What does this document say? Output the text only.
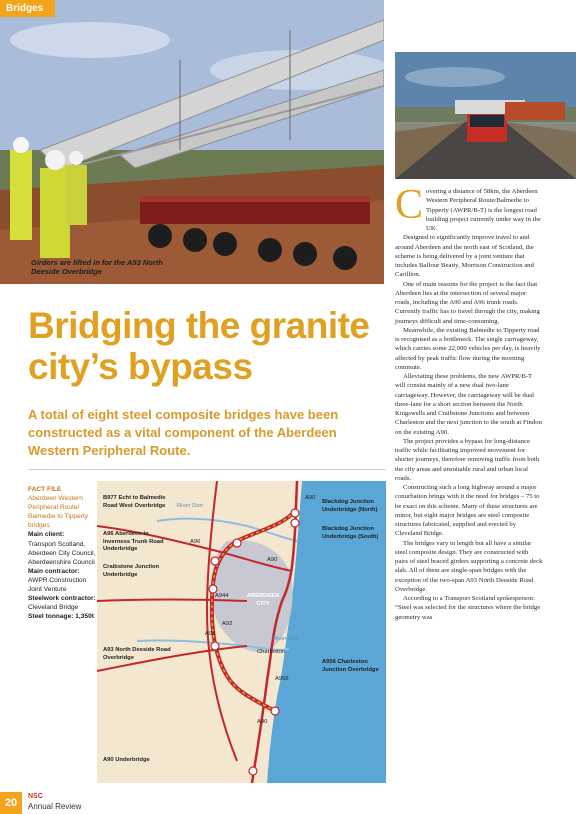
Bridges
Girders are lifted in for the A93 North Deeside Overbridge
Bridging the granite city’s bypass

A total of eight steel composite bridges have been constructed as a vital component of the Aberdeen Western Peripheral Route.

FACT FILE
Aberdeen Western Peripheral Route/ Balmedie to Tipperty bridges
Main client:
Transport Scotland, Aberdeen City Council, Aberdeenshire Council
Main contractor:
AWPR Construction Joint Venture
Steelwork contractor:
Cleveland Bridge
Steel tonnage: 1,350t
B977 Echt to Balmedie Road West Overbridge
A96 Aberdeen to Inverness Trunk Road Underbridge
Craibstone Junction Underbridge
A93 North Deeside Road Overbridge
A90 Underbridge
Blackdog Junction Underbridge (North)
Blackdog Junction Underbridge (South)
A956 Charleston Junction Overbridge
River Don
River Dee
ABERDEEN CITY
Charleston
A90
A90
A96
A944
A93
A92
A956
A90

Covering a distance of 58km, the Aberdeen Western Peripheral Route/Balmedie to Tipperty (AWPR/B-T) is the longest road building project currently under way in the UK.

Designed to significantly improve travel to and around Aberdeen and the north east of Scotland, the scheme is being delivered by a joint venture that includes Balfour Beatty, Morrison Construction and Carillion.

One of main reasons for the project is the fact that Aberdeen lies at the intersection of several major roads, including the A90 and A96 trunk roads. Currently traffic has to travel through the city, making journeys difficult and time-consuming.

Meanwhile, the existing Balmedie to Tipperty road is recognised as a bottleneck. The single carriageway, which carries some 22,000 vehicles per day, is heavily affected by peak traffic flow during the morning commute.

Alleviating these problems, the new AWPR/B-T will consist mainly of a new dual two-lane carriageway. However, the carriageway will be dual three-lane for a short section between the North Kingswells and Craibstone Junctions and between Charleston and the next junction to the south at Findon on the existing A90.

The project provides a bypass for long-distance traffic while facilitating improved movement for shorter journeys, therefore removing traffic from both the city areas and unsuitable rural and urban local roads.

Constructing such a long highway around a major conurbation brings with it the need for bridges – 75 to be exact on this scheme. Many of these structures are minor, but eight major bridges are steel composite structures fabricated, supplied and erected by Cleveland Bridge.

The bridges vary in length but all have a similar steel composite design. They are constructed with pairs of steel braced girders supporting a concrete deck slab. All of them are single-span bridges with the exception of the two-span A93 North Deeside Road Overbridge.

According to a Transport Scotland spokesperson: “Steel was selected for the structures where the bridge geometry was

20
NSC
Annual Review
